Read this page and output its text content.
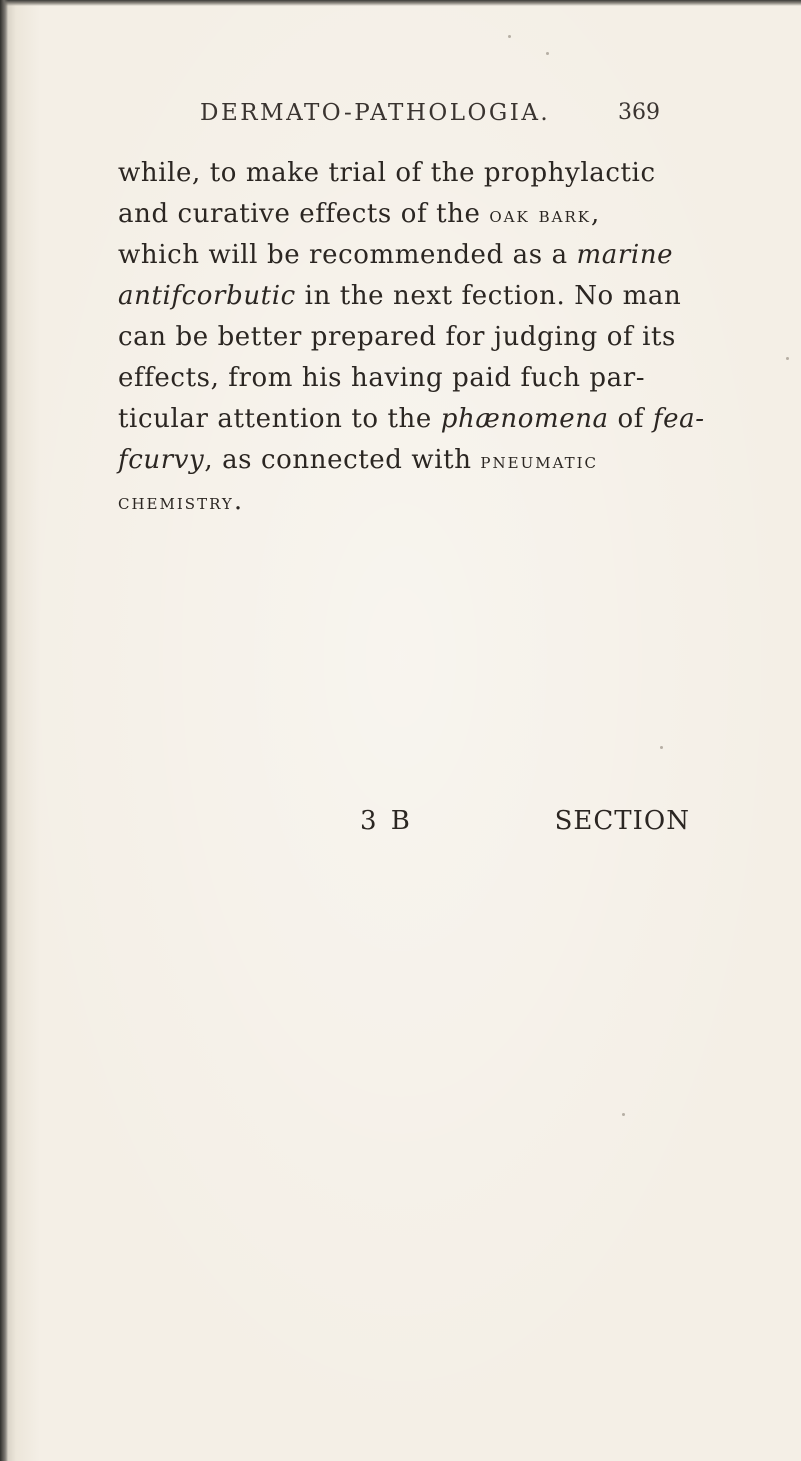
DERMATO-PATHOLOGIA.	369
while, to make trial of the prophylactic
and curative effects of the oak bark,
which will be recommended as a marine
antifcorbutic in the next fection. No man
can be better prepared for judging of its
effects, from his having paid fuch par-
ticular attention to the phænomena of fea-
fcurvy, as connected with pneumatic
chemistry.
3 B	SECTION
